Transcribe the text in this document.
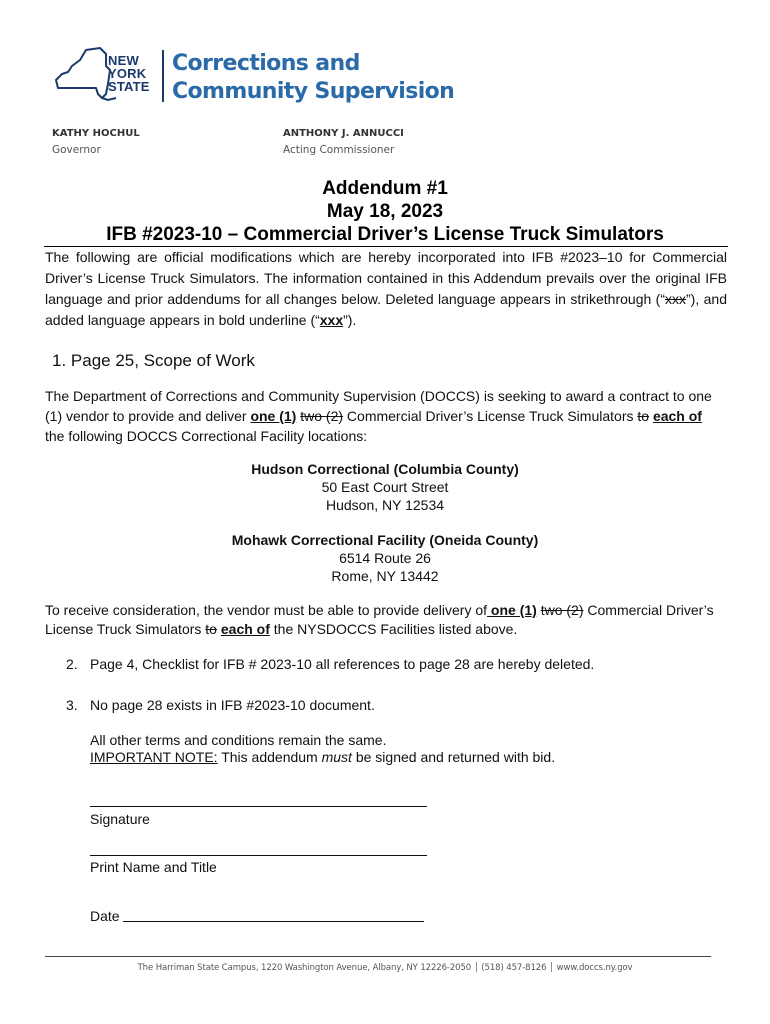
NEW
YORK
STATE
Corrections and
Community Supervision
KATHY HOCHUL
Governor
ANTHONY J. ANNUCCI
Acting Commissioner
Addendum #1
May 18, 2023
IFB #2023-10 – Commercial Driver’s License Truck Simulators
The following are official modifications which are hereby incorporated into IFB #2023–10 for Commercial Driver’s License Truck Simulators. The information contained in this Addendum prevails over the original IFB language and prior addendums for all changes below. Deleted language appears in strikethrough (“xxx”), and added language appears in bold underline (“xxx”).
1. Page 25, Scope of Work
The Department of Corrections and Community Supervision (DOCCS) is seeking to award a contract to one (1) vendor to provide and deliver one (1) two (2) Commercial Driver’s License Truck Simulators to each of the following DOCCS Correctional Facility locations:
Hudson Correctional (Columbia County)
50 East Court Street
Hudson, NY 12534
Mohawk Correctional Facility (Oneida County)
6514 Route 26
Rome, NY 13442
To receive consideration, the vendor must be able to provide delivery of one (1) two (2) Commercial Driver’s License Truck Simulators to each of the NYSDOCCS Facilities listed above.
2. Page 4, Checklist for IFB # 2023-10 all references to page 28 are hereby deleted.
3. No page 28 exists in IFB #2023-10 document.
All other terms and conditions remain the same.
IMPORTANT NOTE: This addendum must be signed and returned with bid.
Signature
Print Name and Title
Date
The Harriman State Campus, 1220 Washington Avenue, Albany, NY 12226-2050 │ (518) 457-8126 │ www.doccs.ny.gov
